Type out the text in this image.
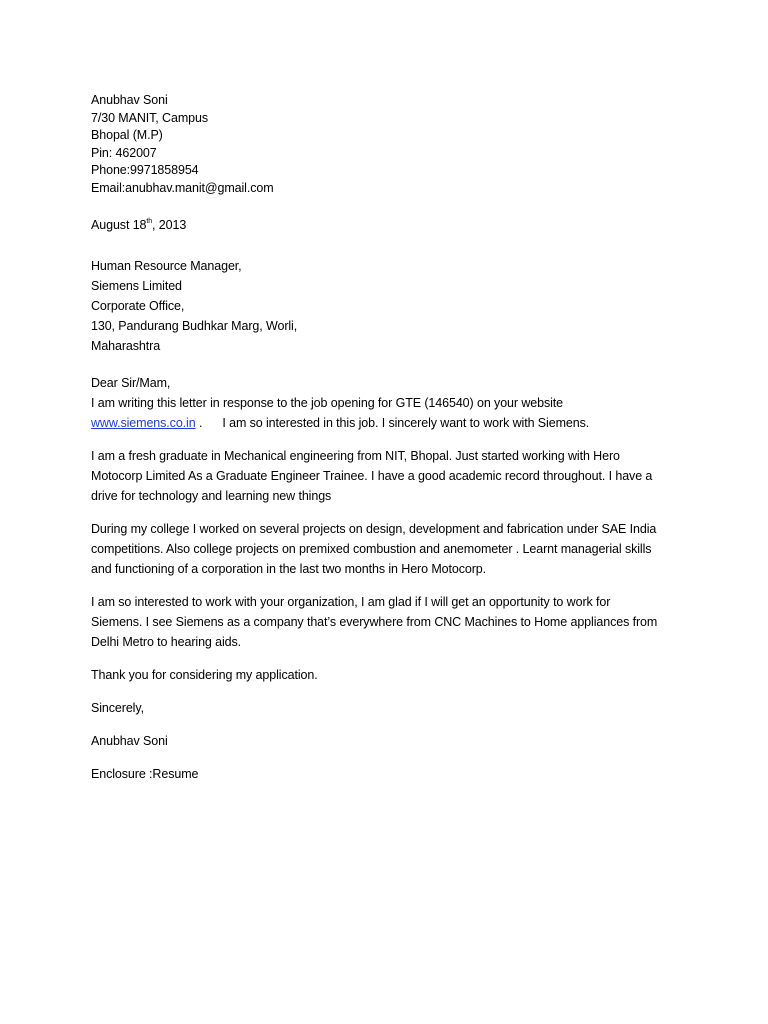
Anubhav Soni
7/30 MANIT, Campus
Bhopal (M.P)
Pin: 462007
Phone:9971858954
Email:anubhav.manit@gmail.com
August 18th, 2013
Human Resource Manager,
Siemens Limited
Corporate Office,
130, Pandurang Budhkar Marg, Worli,
Maharashtra
Dear Sir/Mam,
I am writing this letter in response to the job opening for GTE (146540) on your website
www.siemens.co.in . I am so interested in this job. I sincerely want to work with Siemens.
I am a fresh graduate in Mechanical engineering from NIT, Bhopal. Just started working with Hero
Motocorp Limited As a Graduate Engineer Trainee. I have a good academic record throughout. I have a
drive for technology and learning new things
During my college I worked on several projects on design, development and fabrication under SAE India
competitions. Also college projects on premixed combustion and anemometer . Learnt managerial skills
and functioning of a corporation in the last two months in Hero Motocorp.
I am so interested to work with your organization, I am glad if I will get an opportunity to work for
Siemens. I see Siemens as a company that’s everywhere from CNC Machines to Home appliances from
Delhi Metro to hearing aids.
Thank you for considering my application.
Sincerely,
Anubhav Soni
Enclosure :Resume
